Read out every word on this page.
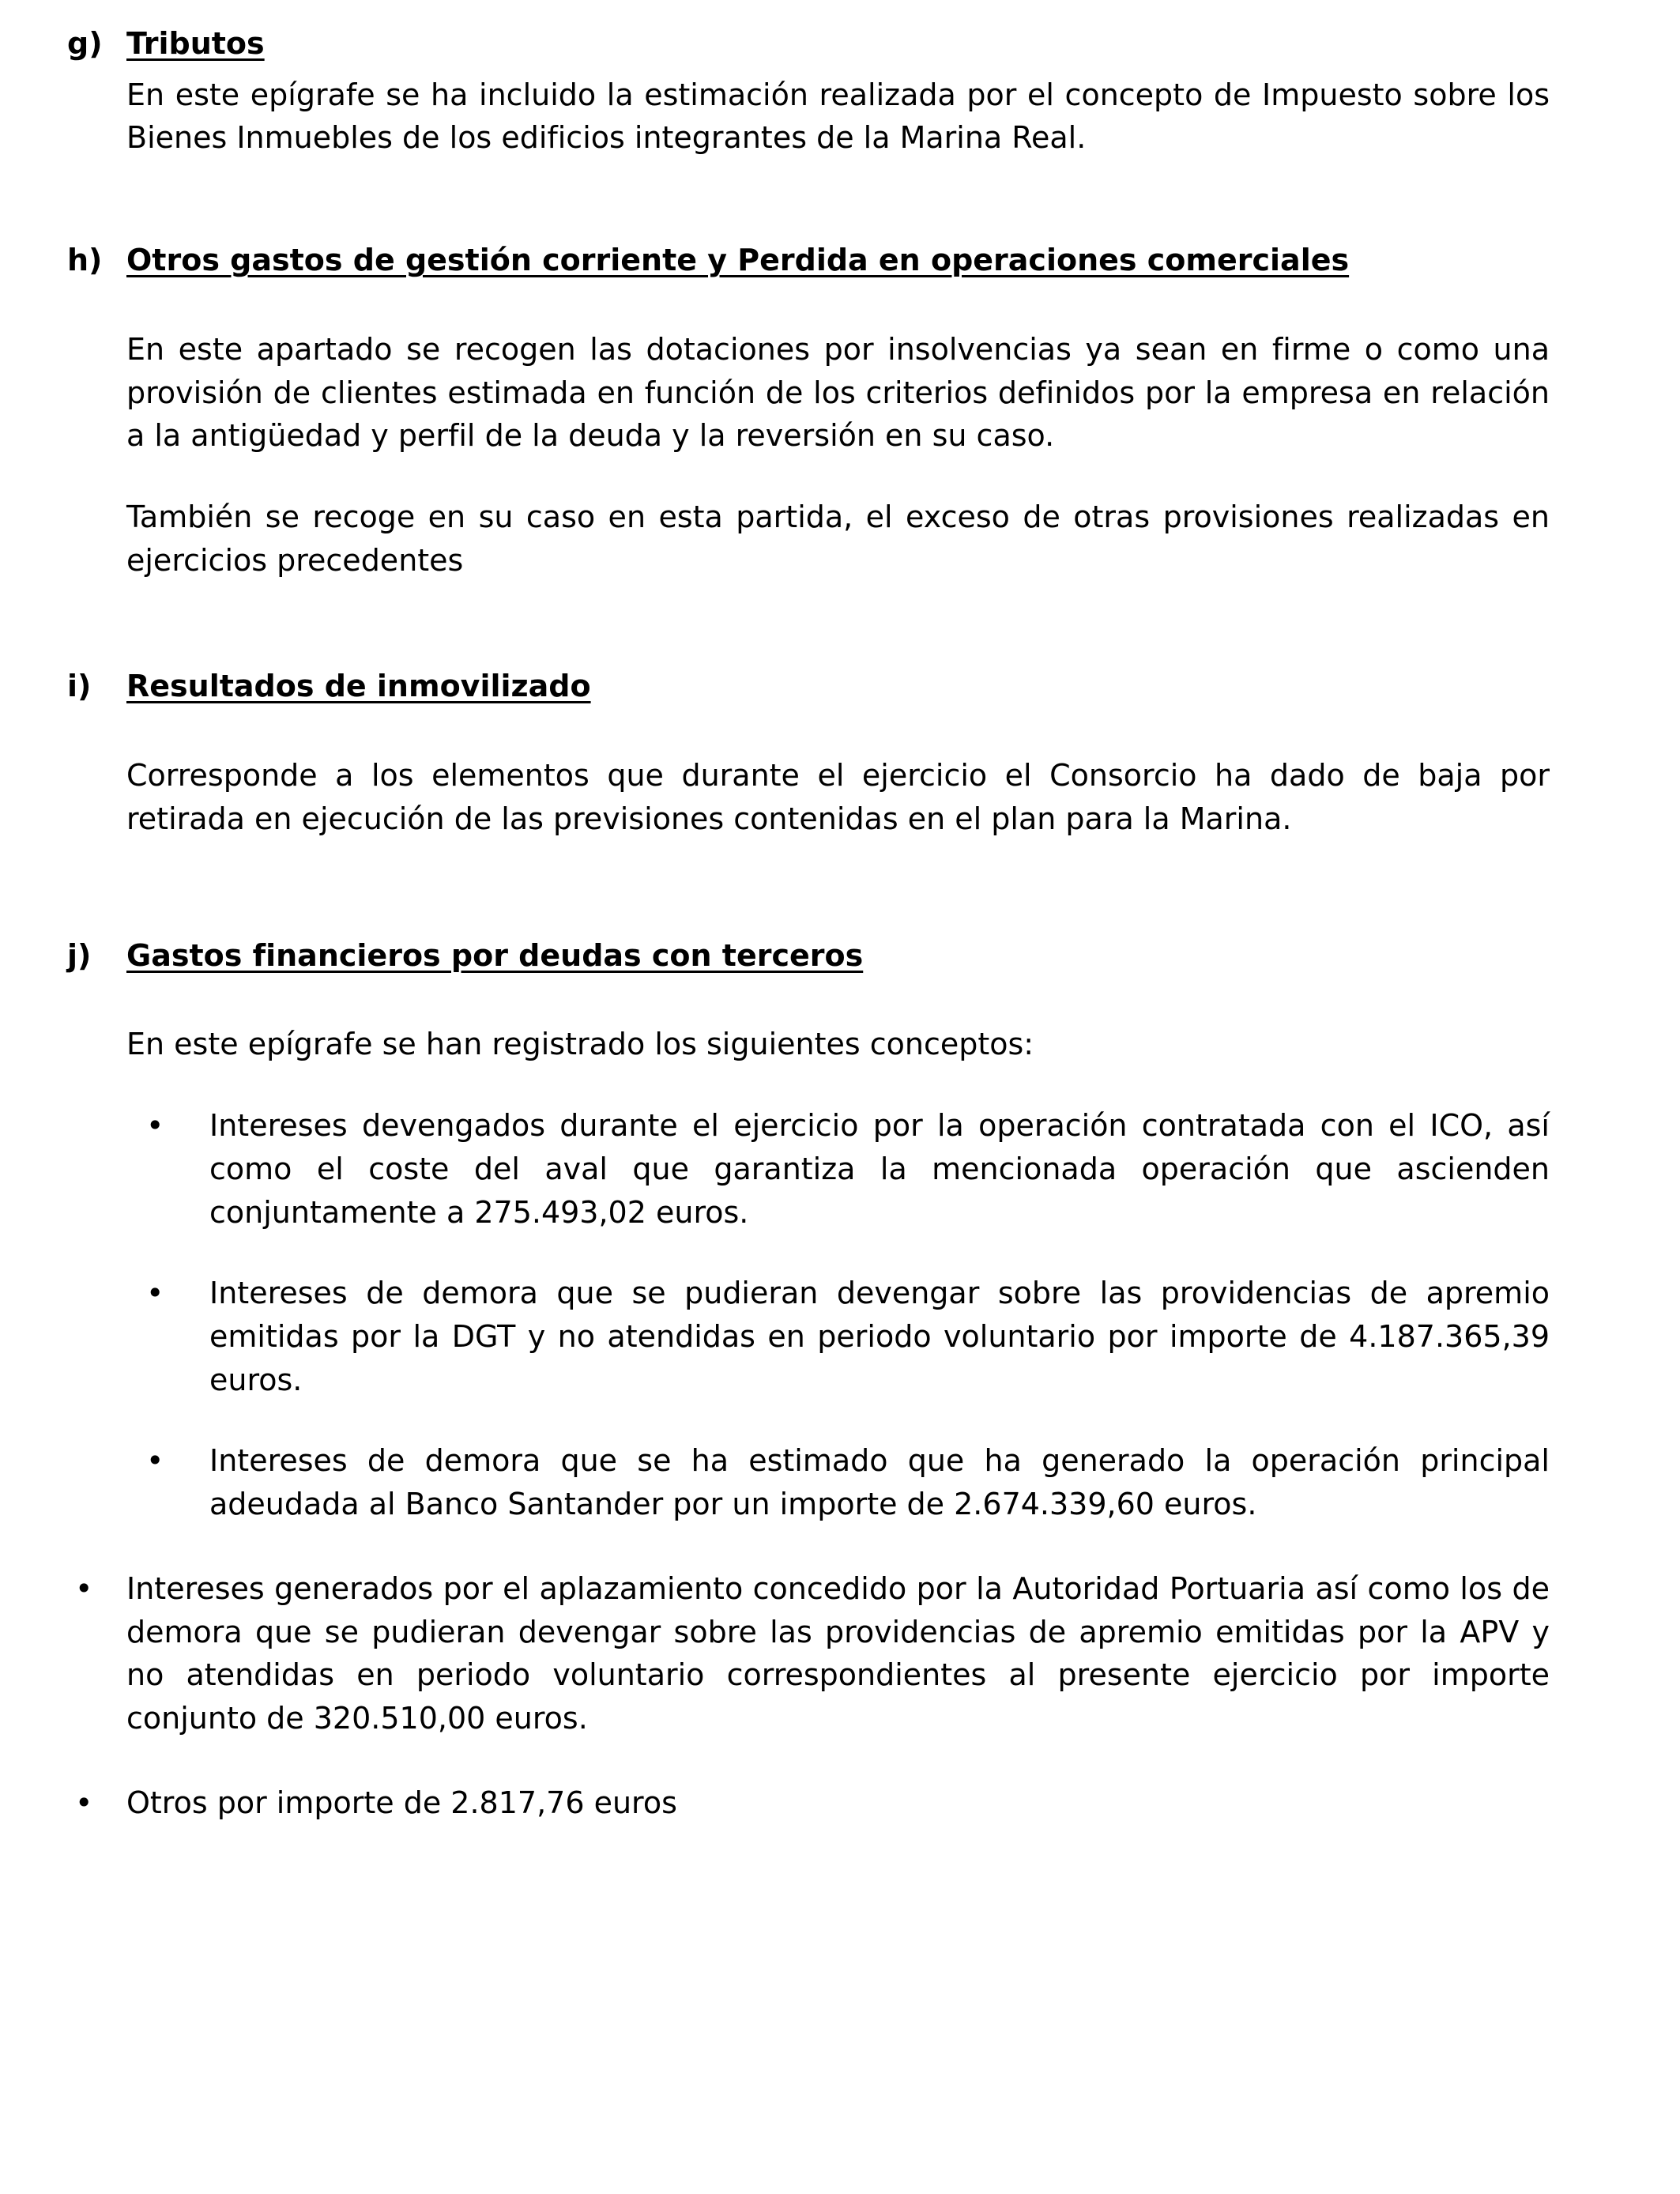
g) Tributos

En este epígrafe se ha incluido la estimación realizada por el concepto de Impuesto sobre los Bienes Inmuebles de los edificios integrantes de la Marina Real.

h) Otros gastos de gestión corriente y Perdida en operaciones comerciales

En este apartado se recogen las dotaciones por insolvencias ya sean en firme o como una provisión de clientes estimada en función de los criterios definidos por la empresa en relación a la antigüedad y perfil de la deuda y la reversión en su caso.

También se recoge en su caso en esta partida, el exceso de otras provisiones realizadas en ejercicios precedentes

i)	Resultados de inmovilizado

Corresponde a los elementos que durante el ejercicio el Consorcio ha dado de baja por retirada en ejecución de las previsiones contenidas en el plan para la Marina.

j)	Gastos financieros por deudas con terceros

En este epígrafe se han registrado los siguientes conceptos:

•	Intereses devengados durante el ejercicio por la operación contratada con el ICO, así como el coste del aval que garantiza la mencionada operación que ascienden conjuntamente a 275.493,02 euros.
•	Intereses de demora que se pudieran devengar sobre las providencias de apremio emitidas por la DGT y no atendidas en periodo voluntario por importe de 4.187.365,39 euros.
•	Intereses de demora que se ha estimado que ha generado la operación principal adeudada al Banco Santander por un importe de 2.674.339,60 euros.
•	Intereses generados por el aplazamiento concedido por la Autoridad Portuaria así como los de demora que se pudieran devengar sobre las providencias de apremio emitidas por la APV y no atendidas en periodo voluntario correspondientes al presente ejercicio por importe conjunto de 320.510,00 euros.
•	Otros por importe de 2.817,76 euros
